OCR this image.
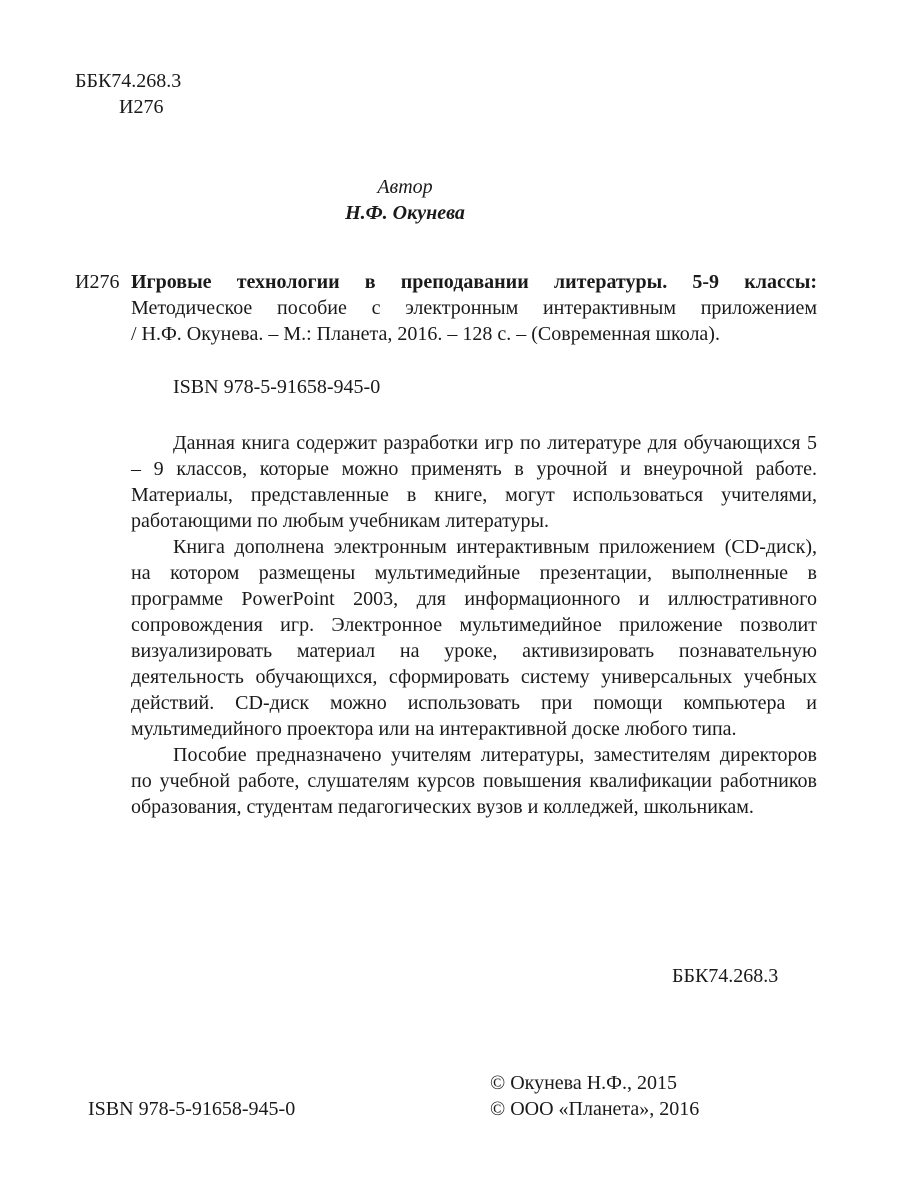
ББК74.268.3
И276
Автор
Н.Ф. Окунева
И276 Игровые технологии в преподавании литературы. 5-9 классы:
Методическое пособие с электронным интерактивным приложением
/ Н.Ф. Окунева. – М.: Планета, 2016. – 128 с. – (Современная школа).
ISBN 978-5-91658-945-0

Данная книга содержит разработки игр по литературе для обучающихся 5 – 9 классов, которые можно применять в урочной и внеурочной работе. Материалы, представленные в книге, могут использоваться учителями, работающими по любым учебникам литературы.

Книга дополнена электронным интерактивным приложением (CD-диск), на котором размещены мультимедийные презентации, выполненные в программе PowerPoint 2003, для информационного и иллюстративного сопровождения игр. Электронное мультимедийное приложение позволит визуализировать материал на уроке, активизировать познавательную деятельность обучающихся, сформировать систему универсальных учебных действий. CD-диск можно использовать при помощи компьютера и мультимедийного проектора или на интерактивной доске любого типа.

Пособие предназначено учителям литературы, заместителям директоров по учебной работе, слушателям курсов повышения квалификации работников образования, студентам педагогических вузов и колледжей, школьникам.

ББК74.268.3
© Окунева Н.Ф., 2015
© ООО «Планета», 2016
ISBN 978-5-91658-945-0
